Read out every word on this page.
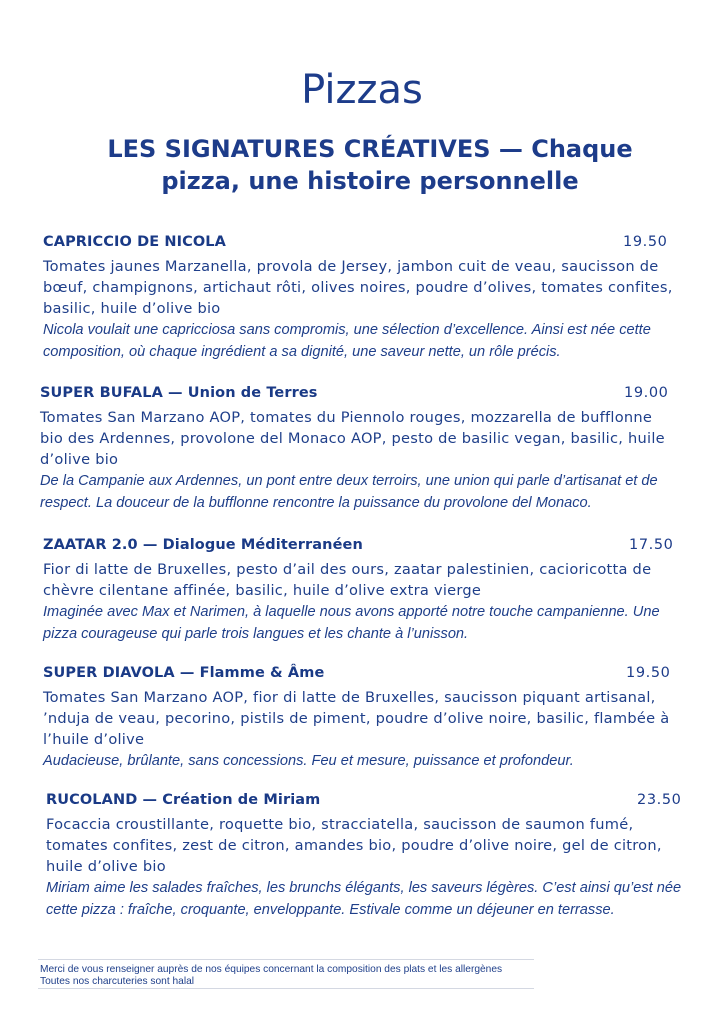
Pizzas
LES SIGNATURES CRÉATIVES — Chaque pizza, une histoire personnelle
CAPRICCIO DE NICOLA	19.50

Tomates jaunes Marzanella, provola de Jersey, jambon cuit de veau, saucisson de bœuf, champignons, artichaut rôti, olives noires, poudre d’olives, tomates confites, basilic, huile d’olive bio

Nicola voulait une capricciosa sans compromis, une sélection d’excellence. Ainsi est née cette composition, où chaque ingrédient a sa dignité, une saveur nette, un rôle précis.

SUPER BUFALA — Union de Terres	19.00

Tomates San Marzano AOP, tomates du Piennolo rouges, mozzarella de bufflonne bio des Ardennes, provolone del Monaco AOP, pesto de basilic vegan, basilic, huile d’olive bio

De la Campanie aux Ardennes, un pont entre deux terroirs, une union qui parle d’artisanat et de respect. La douceur de la bufflonne rencontre la puissance du provolone del Monaco.

ZAATAR 2.0 — Dialogue Méditerranéen	17.50

Fior di latte de Bruxelles, pesto d’ail des ours, zaatar palestinien, cacioricotta de chèvre cilentane affinée, basilic, huile d’olive extra vierge

Imaginée avec Max et Narimen, à laquelle nous avons apporté notre touche campanienne. Une pizza courageuse qui parle trois langues et les chante à l’unisson.

SUPER DIAVOLA — Flamme & Âme	19.50

Tomates San Marzano AOP, fior di latte de Bruxelles, saucisson piquant artisanal, ’nduja de veau, pecorino, pistils de piment, poudre d’olive noire, basilic, flambée à l’huile d’olive

Audacieuse, brûlante, sans concessions. Feu et mesure, puissance et profondeur.

RUCOLAND — Création de Miriam	23.50

Focaccia croustillante, roquette bio, stracciatella, saucisson de saumon fumé, tomates confites, zest de citron, amandes bio, poudre d’olive noire, gel de citron, huile d’olive bio

Miriam aime les salades fraîches, les brunchs élégants, les saveurs légères. C’est ainsi qu’est née cette pizza : fraîche, croquante, enveloppante. Estivale comme un déjeuner en terrasse.

Merci de vous renseigner auprès de nos équipes concernant la composition des plats et les allergènes
Toutes nos charcuteries sont halal
